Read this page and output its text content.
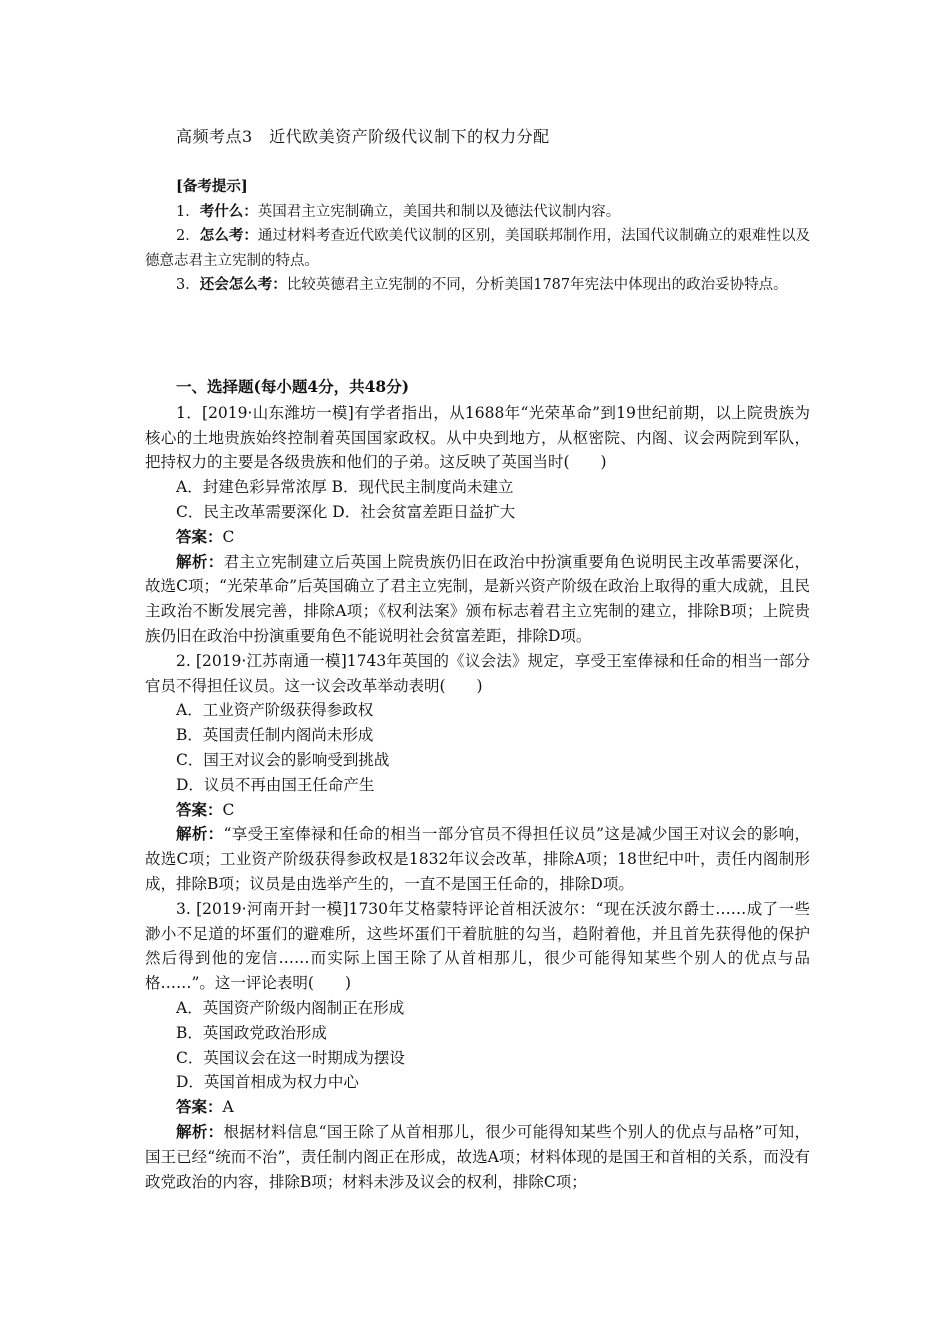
高频考点3　近代欧美资产阶级代议制下的权力分配

[备考提示]

1．考什么：英国君主立宪制确立，美国共和制以及德法代议制内容。

2．怎么考：通过材料考查近代欧美代议制的区别，美国联邦制作用，法国代议制确立的艰难性以及德意志君主立宪制的特点。

3．还会怎么考：比较英德君主立宪制的不同，分析美国1787年宪法中体现出的政治妥协特点。

一、选择题(每小题4分，共48分)

1．[2019·山东潍坊一模]有学者指出，从1688年“光荣革命”到19世纪前期，以上院贵族为核心的土地贵族始终控制着英国国家政权。从中央到地方，从枢密院、内阁、议会两院到军队，把持权力的主要是各级贵族和他们的子弟。这反映了英国当时(　　)

A．封建色彩异常浓厚 B．现代民主制度尚未建立

C．民主改革需要深化 D．社会贫富差距日益扩大

答案：C

解析：君主立宪制建立后英国上院贵族仍旧在政治中扮演重要角色说明民主改革需要深化，故选C项；“光荣革命”后英国确立了君主立宪制，是新兴资产阶级在政治上取得的重大成就，且民主政治不断发展完善，排除A项；《权利法案》颁布标志着君主立宪制的建立，排除B项；上院贵族仍旧在政治中扮演重要角色不能说明社会贫富差距，排除D项。

2. [2019·江苏南通一模]1743年英国的《议会法》规定，享受王室俸禄和任命的相当一部分官员不得担任议员。这一议会改革举动表明(　　)

A．工业资产阶级获得参政权

B．英国责任制内阁尚未形成

C．国王对议会的影响受到挑战

D．议员不再由国王任命产生

答案：C

解析：“享受王室俸禄和任命的相当一部分官员不得担任议员”这是减少国王对议会的影响，故选C项；工业资产阶级获得参政权是1832年议会改革，排除A项；18世纪中叶，责任内阁制形成，排除B项；议员是由选举产生的，一直不是国王任命的，排除D项。

3. [2019·河南开封一模]1730年艾格蒙特评论首相沃波尔：“现在沃波尔爵士……成了一些渺小不足道的坏蛋们的避难所，这些坏蛋们干着肮脏的勾当，趋附着他，并且首先获得他的保护然后得到他的宠信……而实际上国王除了从首相那儿，很少可能得知某些个别人的优点与品格……”。这一评论表明(　　)

A．英国资产阶级内阁制正在形成

B．英国政党政治形成

C．英国议会在这一时期成为摆设

D．英国首相成为权力中心

答案：A

解析：根据材料信息“国王除了从首相那儿，很少可能得知某些个别人的优点与品格”可知，国王已经“统而不治”，责任制内阁正在形成，故选A项；材料体现的是国王和首相的关系，而没有政党政治的内容，排除B项；材料未涉及议会的权利，排除C项；
